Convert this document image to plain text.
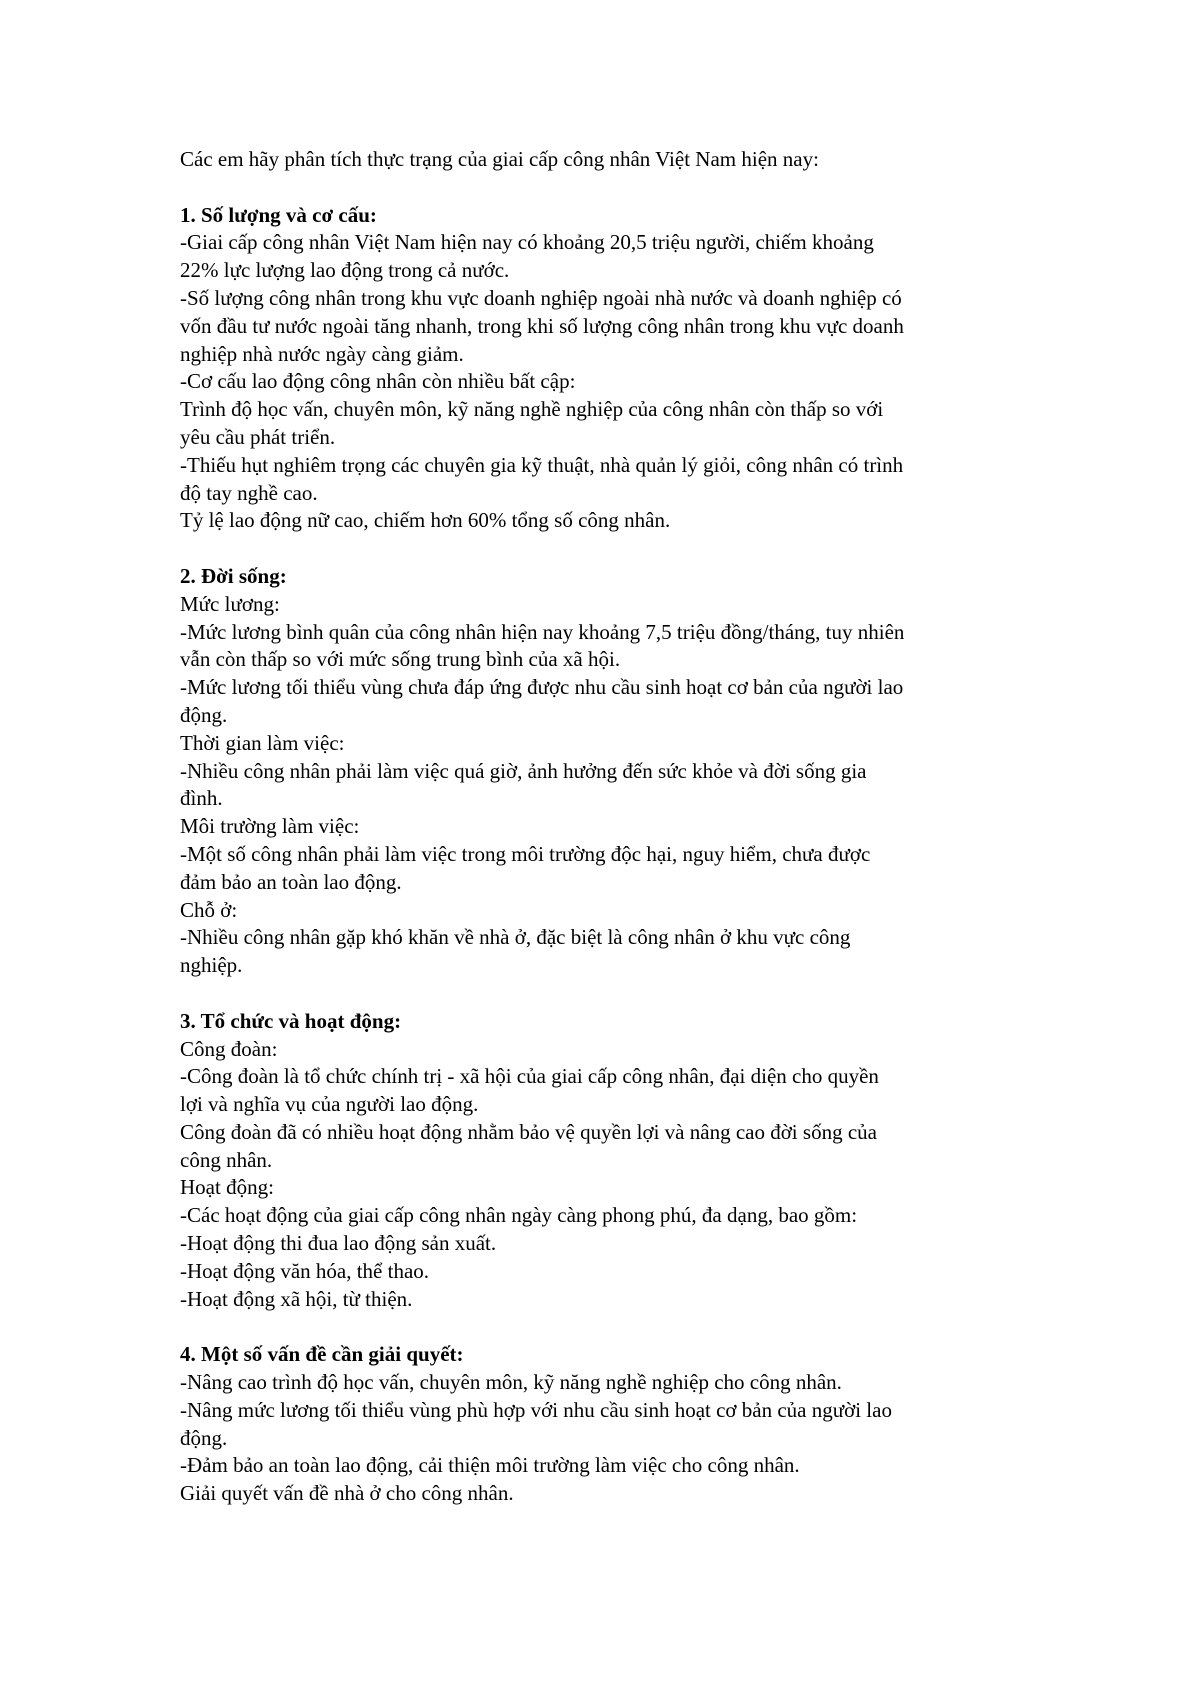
Các em hãy phân tích thực trạng của giai cấp công nhân Việt Nam hiện nay:
1. Số lượng và cơ cấu:
-Giai cấp công nhân Việt Nam hiện nay có khoảng 20,5 triệu người, chiếm khoảng
22% lực lượng lao động trong cả nước.
-Số lượng công nhân trong khu vực doanh nghiệp ngoài nhà nước và doanh nghiệp có
vốn đầu tư nước ngoài tăng nhanh, trong khi số lượng công nhân trong khu vực doanh
nghiệp nhà nước ngày càng giảm.
-Cơ cấu lao động công nhân còn nhiều bất cập:
Trình độ học vấn, chuyên môn, kỹ năng nghề nghiệp của công nhân còn thấp so với
yêu cầu phát triển.
-Thiếu hụt nghiêm trọng các chuyên gia kỹ thuật, nhà quản lý giỏi, công nhân có trình
độ tay nghề cao.
Tỷ lệ lao động nữ cao, chiếm hơn 60% tổng số công nhân.
2. Đời sống:
Mức lương:
-Mức lương bình quân của công nhân hiện nay khoảng 7,5 triệu đồng/tháng, tuy nhiên
vẫn còn thấp so với mức sống trung bình của xã hội.
-Mức lương tối thiểu vùng chưa đáp ứng được nhu cầu sinh hoạt cơ bản của người lao
động.
Thời gian làm việc:
-Nhiều công nhân phải làm việc quá giờ, ảnh hưởng đến sức khỏe và đời sống gia
đình.
Môi trường làm việc:
-Một số công nhân phải làm việc trong môi trường độc hại, nguy hiểm, chưa được
đảm bảo an toàn lao động.
Chỗ ở:
-Nhiều công nhân gặp khó khăn về nhà ở, đặc biệt là công nhân ở khu vực công
nghiệp.
3. Tổ chức và hoạt động:
Công đoàn:
-Công đoàn là tổ chức chính trị - xã hội của giai cấp công nhân, đại diện cho quyền
lợi và nghĩa vụ của người lao động.
Công đoàn đã có nhiều hoạt động nhằm bảo vệ quyền lợi và nâng cao đời sống của
công nhân.
Hoạt động:
-Các hoạt động của giai cấp công nhân ngày càng phong phú, đa dạng, bao gồm:
-Hoạt động thi đua lao động sản xuất.
-Hoạt động văn hóa, thể thao.
-Hoạt động xã hội, từ thiện.
4. Một số vấn đề cần giải quyết:
-Nâng cao trình độ học vấn, chuyên môn, kỹ năng nghề nghiệp cho công nhân.
-Nâng mức lương tối thiểu vùng phù hợp với nhu cầu sinh hoạt cơ bản của người lao
động.
-Đảm bảo an toàn lao động, cải thiện môi trường làm việc cho công nhân.
Giải quyết vấn đề nhà ở cho công nhân.
